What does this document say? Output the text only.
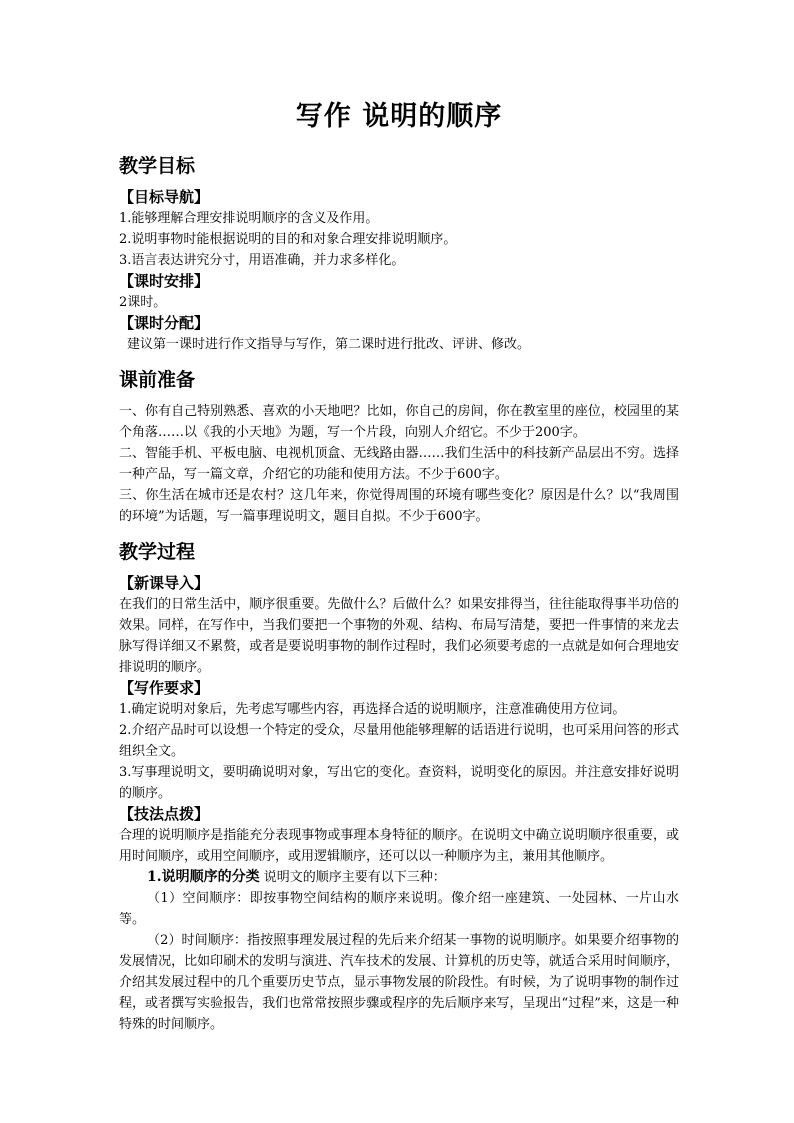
写作 说明的顺序
教学目标
【目标导航】
1.能够理解合理安排说明顺序的含义及作用。
2.说明事物时能根据说明的目的和对象合理安排说明顺序。
3.语言表达讲究分寸，用语准确，并力求多样化。
【课时安排】
2课时。
【课时分配】
建议第一课时进行作文指导与写作，第二课时进行批改、评讲、修改。
课前准备
一、你有自己特别熟悉、喜欢的小天地吧？比如，你自己的房间，你在教室里的座位，校园里的某个角落……以《我的小天地》为题，写一个片段，向别人介绍它。不少于200字。
二、智能手机、平板电脑、电视机顶盒、无线路由器……我们生活中的科技新产品层出不穷。选择一种产品，写一篇文章，介绍它的功能和使用方法。不少于600字。
三、你生活在城市还是农村？这几年来，你觉得周围的环境有哪些变化？原因是什么？以“我周围的环境”为话题，写一篇事理说明文，题目自拟。不少于600字。
教学过程
【新课导入】
在我们的日常生活中，顺序很重要。先做什么？后做什么？如果安排得当，往往能取得事半功倍的效果。同样，在写作中，当我们要把一个事物的外观、结构、布局写清楚，要把一件事情的来龙去脉写得详细又不累赘，或者是要说明事物的制作过程时，我们必须要考虑的一点就是如何合理地安排说明的顺序。
【写作要求】
1.确定说明对象后，先考虑写哪些内容，再选择合适的说明顺序，注意准确使用方位词。
2.介绍产品时可以设想一个特定的受众，尽量用他能够理解的话语进行说明，也可采用问答的形式组织全文。
3.写事理说明文，要明确说明对象，写出它的变化。查资料，说明变化的原因。并注意安排好说明的顺序。
【技法点拨】
合理的说明顺序是指能充分表现事物或事理本身特征的顺序。在说明文中确立说明顺序很重要，或用时间顺序，或用空间顺序，或用逻辑顺序，还可以以一种顺序为主，兼用其他顺序。
1.说明顺序的分类 说明文的顺序主要有以下三种：
（1）空间顺序：即按事物空间结构的顺序来说明。像介绍一座建筑、一处园林、一片山水等。
（2）时间顺序：指按照事理发展过程的先后来介绍某一事物的说明顺序。如果要介绍事物的发展情况，比如印刷术的发明与演进、汽车技术的发展、计算机的历史等，就适合采用时间顺序，介绍其发展过程中的几个重要历史节点，显示事物发展的阶段性。有时候，为了说明事物的制作过程，或者撰写实验报告，我们也常常按照步骤或程序的先后顺序来写，呈现出“过程”来，这是一种特殊的时间顺序。
